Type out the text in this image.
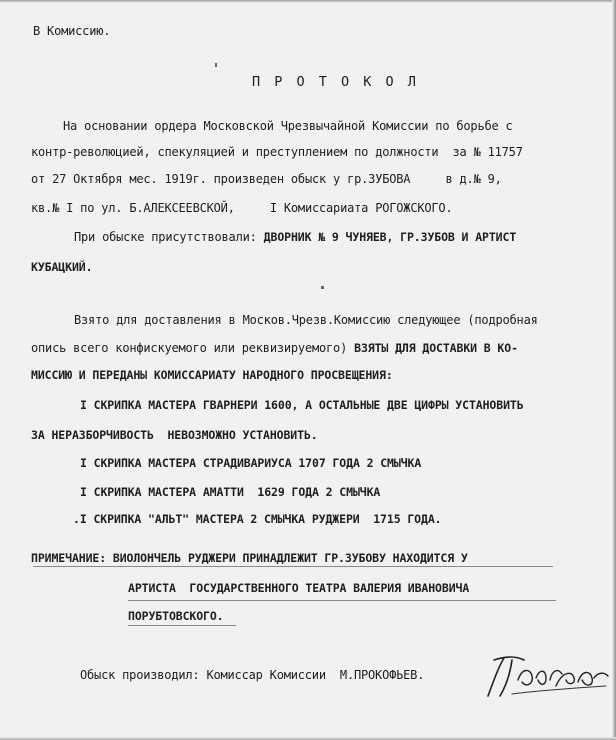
В Комиссию.
П Р О Т О К О Л
На основании ордера Московской Чрезвычайной Комиссии по борьбе с
контр-революцией, спекуляцией и преступлением по должности  за № 11757
от 27 Октября мес. 1919г. произведен обыск у гр.ЗУБОВА     в д.№ 9,
кв.№ I по ул. Б.АЛЕКСЕЕВСКОЙ,     I Комиссариата РОГОЖСКОГО.
При обыске присутствовали: ДВОРНИК № 9 ЧУНЯЕВ, ГР.ЗУБОВ И АРТИСТ
КУБАЦКИЙ.
Взято для доставления в Москов.Чрезв.Комиссию следующее (подробная
опись всего конфискуемого или реквизируемого) ВЗЯТЫ ДЛЯ ДОСТАВКИ В КО-
МИССИЮ И ПЕРЕДАНЫ КОМИССАРИАТУ НАРОДНОГО ПРОСВЕЩЕНИЯ:
I СКРИПКА МАСТЕРА ГВАРНЕРИ 1600, А ОСТАЛЬНЫЕ ДВЕ ЦИФРЫ УСТАНОВИТЬ
ЗА НЕРАЗБОРЧИВОСТЬ  НЕВОЗМОЖНО УСТАНОВИТЬ.
I СКРИПКА МАСТЕРА СТРАДИВАРИУСА 1707 ГОДА 2 СМЫЧКА
I СКРИПКА МАСТЕРА АМАТТИ  1629 ГОДА 2 СМЫЧКА
.I СКРИПКА "АЛЬТ" МАСТЕРА 2 СМЫЧКА РУДЖЕРИ  1715 ГОДА.
ПРИМЕЧАНИЕ: ВИОЛОНЧЕЛЬ РУДЖЕРИ ПРИНАДЛЕЖИТ ГР.ЗУБОВУ НАХОДИТСЯ У
АРТИСТА  ГОСУДАРСТВЕННОГО ТЕАТРА ВАЛЕРИЯ ИВАНОВИЧА
ПОРУБТОВСКОГО.
Обыск производил: Комиссар Комиссии  М.ПРОКОФЬЕВ.
